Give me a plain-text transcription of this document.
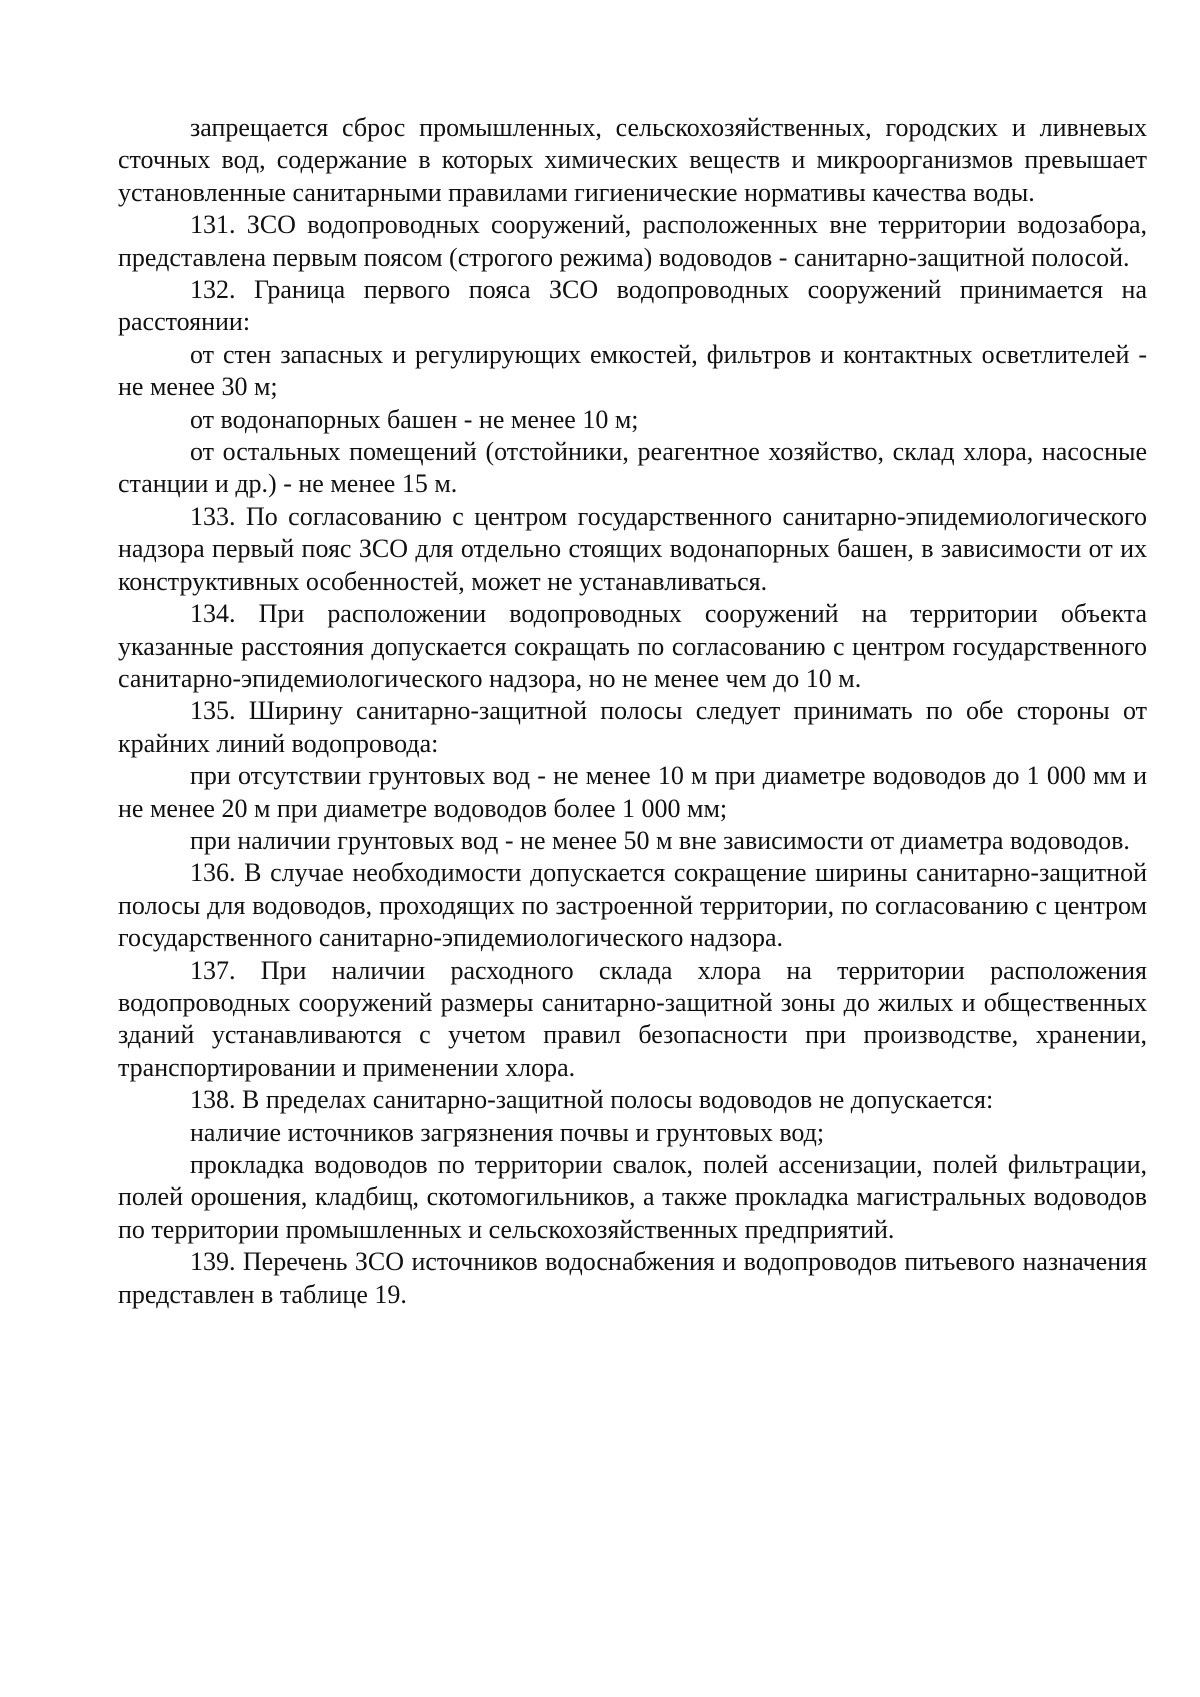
запрещается сброс промышленных, сельскохозяйственных, городских и ливневых сточных вод, содержание в которых химических веществ и микроорганизмов превышает установленные санитарными правилами гигиенические нормативы качества воды.

131. ЗСО водопроводных сооружений, расположенных вне территории водозабора, представлена первым поясом (строгого режима) водоводов - санитарно-защитной полосой.

132. Граница первого пояса ЗСО водопроводных сооружений принимается на расстоянии:

от стен запасных и регулирующих емкостей, фильтров и контактных осветлителей - не менее 30 м;

от водонапорных башен - не менее 10 м;

от остальных помещений (отстойники, реагентное хозяйство, склад хлора, насосные станции и др.) - не менее 15 м.

133. По согласованию с центром государственного санитарно-эпидемиологического надзора первый пояс ЗСО для отдельно стоящих водонапорных башен, в зависимости от их конструктивных особенностей, может не устанавливаться.

134. При расположении водопроводных сооружений на территории объекта указанные расстояния допускается сокращать по согласованию с центром государственного санитарно-эпидемиологического надзора, но не менее чем до 10 м.

135. Ширину санитарно-защитной полосы следует принимать по обе стороны от крайних линий водопровода:

при отсутствии грунтовых вод - не менее 10 м при диаметре водоводов до 1 000 мм и не менее 20 м при диаметре водоводов более 1 000 мм;

при наличии грунтовых вод - не менее 50 м вне зависимости от диаметра водоводов.

136. В случае необходимости допускается сокращение ширины санитарно-защитной полосы для водоводов, проходящих по застроенной территории, по согласованию с центром государственного санитарно-эпидемиологического надзора.

137. При наличии расходного склада хлора на территории расположения водопроводных сооружений размеры санитарно-защитной зоны до жилых и общественных зданий устанавливаются с учетом правил безопасности при производстве, хранении, транспортировании и применении хлора.

138. В пределах санитарно-защитной полосы водоводов не допускается:

наличие источников загрязнения почвы и грунтовых вод;

прокладка водоводов по территории свалок, полей ассенизации, полей фильтрации, полей орошения, кладбищ, скотомогильников, а также прокладка магистральных водоводов по территории промышленных и сельскохозяйственных предприятий.

139. Перечень ЗСО источников водоснабжения и водопроводов питьевого назначения представлен в таблице 19.
